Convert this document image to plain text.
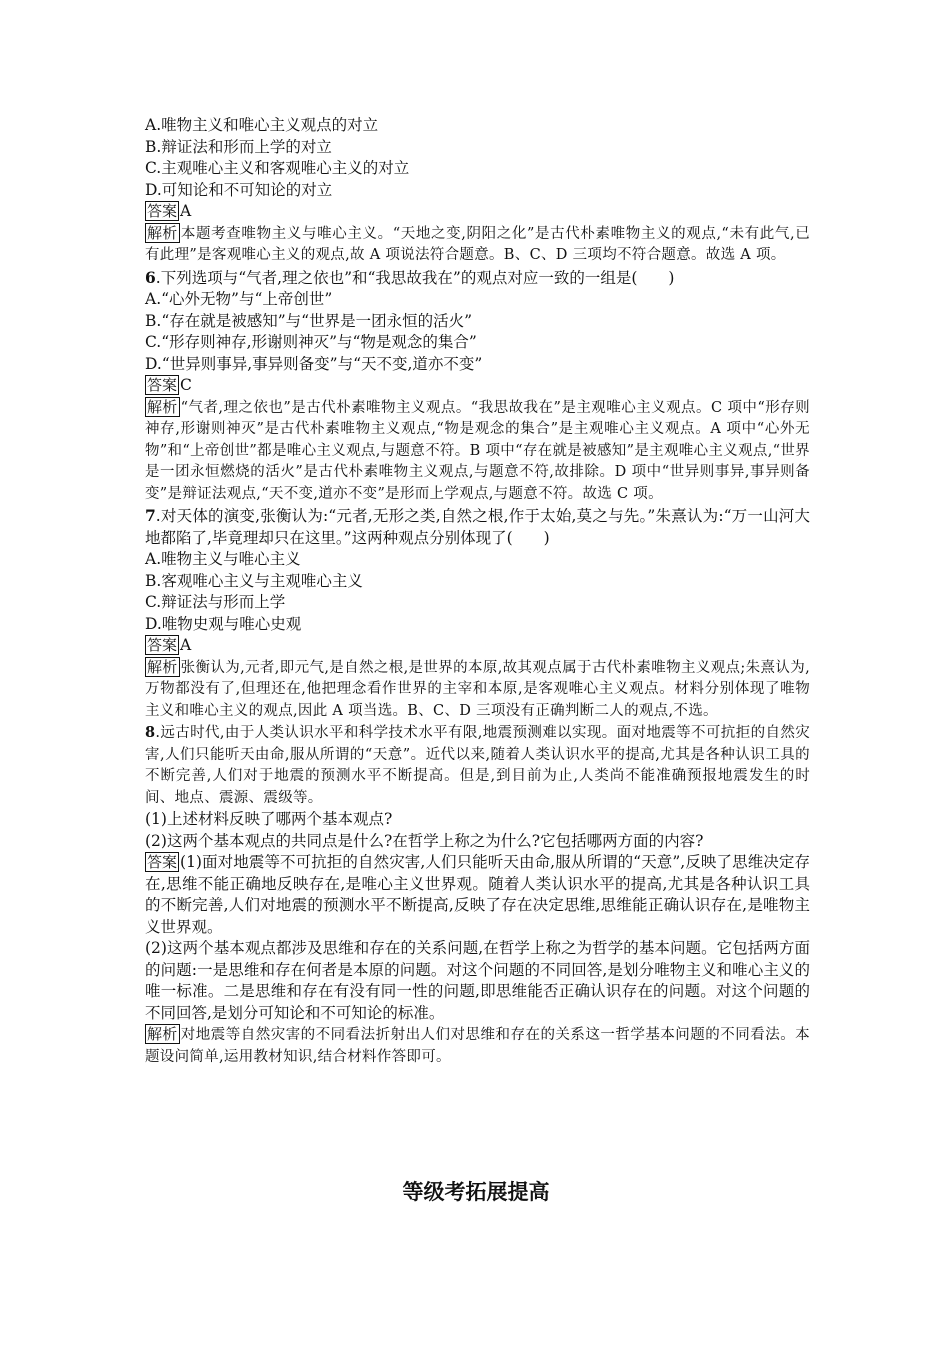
A.唯物主义和唯心主义观点的对立
B.辩证法和形而上学的对立
C.主观唯心主义和客观唯心主义的对立
D.可知论和不可知论的对立
答案 A
解析 本题考查唯物主义与唯心主义。“天地之变,阴阳之化”是古代朴素唯物主义的观点,“未有此气,已有此理”是客观唯心主义的观点,故 A 项说法符合题意。B、C、D 三项均不符合题意。故选 A 项。
6.下列选项与“气者,理之依也”和“我思故我在”的观点对应一致的一组是(　　)
A.“心外无物”与“上帝创世”
B.“存在就是被感知”与“世界是一团永恒的活火”
C.“形存则神存,形谢则神灭”与“物是观念的集合”
D.“世异则事异,事异则备变”与“天不变,道亦不变”
答案 C
解析 “气者,理之依也”是古代朴素唯物主义观点。“我思故我在”是主观唯心主义观点。C 项中“形存则神存,形谢则神灭”是古代朴素唯物主义观点,“物是观念的集合”是主观唯心主义观点。A 项中“心外无物”和“上帝创世”都是唯心主义观点,与题意不符。B 项中“存在就是被感知”是主观唯心主义观点,“世界是一团永恒燃烧的活火”是古代朴素唯物主义观点,与题意不符,故排除。D 项中“世异则事异,事异则备变”是辩证法观点,“天不变,道亦不变”是形而上学观点,与题意不符。故选 C 项。
7.对天体的演变,张衡认为:“元者,无形之类,自然之根,作于太始,莫之与先。”朱熹认为:“万一山河大地都陷了,毕竟理却只在这里。”这两种观点分别体现了(　　)
A.唯物主义与唯心主义
B.客观唯心主义与主观唯心主义
C.辩证法与形而上学
D.唯物史观与唯心史观
答案 A
解析 张衡认为,元者,即元气,是自然之根,是世界的本原,故其观点属于古代朴素唯物主义观点;朱熹认为,万物都没有了,但理还在,他把理念看作世界的主宰和本原,是客观唯心主义观点。材料分别体现了唯物主义和唯心主义的观点,因此 A 项当选。B、C、D 三项没有正确判断二人的观点,不选。
8.远古时代,由于人类认识水平和科学技术水平有限,地震预测难以实现。面对地震等不可抗拒的自然灾害,人们只能听天由命,服从所谓的“天意”。近代以来,随着人类认识水平的提高,尤其是各种认识工具的不断完善,人们对于地震的预测水平不断提高。但是,到目前为止,人类尚不能准确预报地震发生的时间、地点、震源、震级等。
(1)上述材料反映了哪两个基本观点?
(2)这两个基本观点的共同点是什么?在哲学上称之为什么?它包括哪两方面的内容?
答案 (1)面对地震等不可抗拒的自然灾害,人们只能听天由命,服从所谓的“天意”,反映了思维决定存在,思维不能正确地反映存在,是唯心主义世界观。随着人类认识水平的提高,尤其是各种认识工具的不断完善,人们对地震的预测水平不断提高,反映了存在决定思维,思维能正确认识存在,是唯物主义世界观。
(2)这两个基本观点都涉及思维和存在的关系问题,在哲学上称之为哲学的基本问题。它包括两方面的问题:一是思维和存在何者是本原的问题。对这个问题的不同回答,是划分唯物主义和唯心主义的唯一标准。二是思维和存在有没有同一性的问题,即思维能否正确认识存在的问题。对这个问题的不同回答,是划分可知论和不可知论的标准。
解析 对地震等自然灾害的不同看法折射出人们对思维和存在的关系这一哲学基本问题的不同看法。本题设问简单,运用教材知识,结合材料作答即可。
等级考拓展提高
